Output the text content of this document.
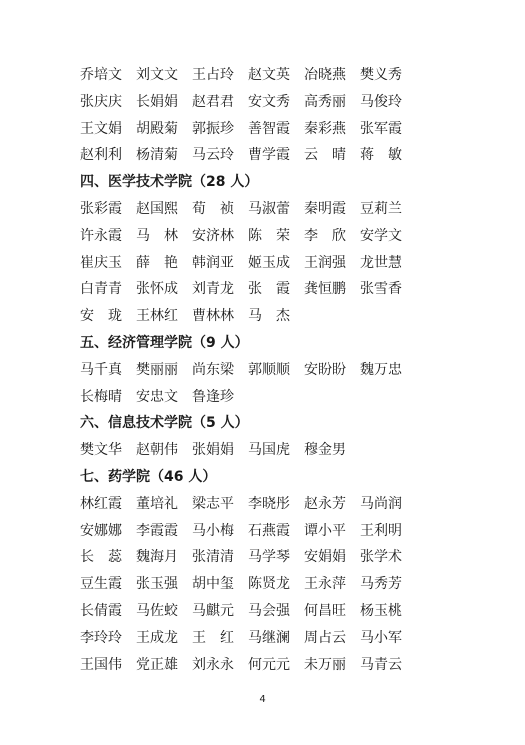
乔培文 刘文文 王占玲 赵文英 冶晓燕 樊义秀
张庆庆 长娟娟 赵君君 安文秀 高秀丽 马俊玲
王文娟 胡殿菊 郭振珍 善智霞 秦彩燕 张军霞
赵利利 杨清菊 马云玲 曹学霞 云　晴 蒋　敏
四、医学技术学院（28 人）
张彩霞 赵国熙 荀　祯 马淑蕾 秦明霞 豆莉兰
许永霞 马　林 安济林 陈　荣 李　欣 安学文
崔庆玉 薛　艳 韩润亚 姬玉成 王润强 龙世慧
白青青 张怀成 刘青龙 张　霞 龚恒鹏 张雪香
安　珑 王林红 曹林林 马　杰
五、经济管理学院（9 人）
马千真 樊丽丽 尚东梁 郭顺顺 安盼盼 魏万忠
长梅晴 安忠文 鲁逢珍
六、信息技术学院（5 人）
樊文华 赵朝伟 张娟娟 马国虎 穆金男
七、药学院（46 人）
林红霞 董培礼 梁志平 李晓彤 赵永芳 马尚润
安娜娜 李霞霞 马小梅 石燕霞 谭小平 王利明
长　蕊 魏海月 张清清 马学琴 安娟娟 张学术
豆生霞 张玉强 胡中玺 陈贤龙 王永萍 马秀芳
长倩霞 马佐蛟 马麒元 马会强 何昌旺 杨玉桃
李玲玲 王成龙 王　红 马继澜 周占云 马小军
王国伟 党正雄 刘永永 何元元 未万丽 马青云
4
